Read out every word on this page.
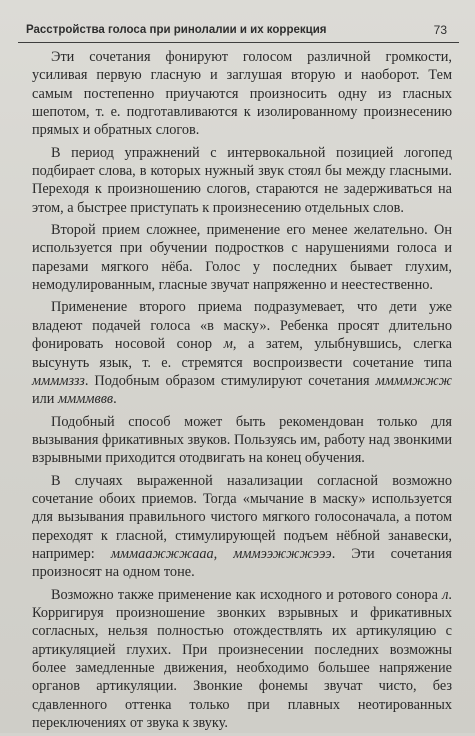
Расстройства голоса при ринолалии и их коррекция	73

Эти сочетания фонируют голосом различной громкости, усиливая первую гласную и заглушая вторую и наоборот. Тем самым постепенно приучаются произносить одну из гласных шепотом, т. е. подготавливаются к изолированному произнесению прямых и обратных слогов.

В период упражнений с интервокальной позицией логопед подбирает слова, в которых нужный звук стоял бы между гласными. Переходя к произношению слогов, стараются не задерживаться на этом, а быстрее приступать к произнесению отдельных слов.

Второй прием сложнее, применение его менее желательно. Он используется при обучении подростков с нарушениями голоса и парезами мягкого нёба. Голос у последних бывает глухим, немодулированным, гласные звучат напряженно и неестественно.

Применение второго приема подразумевает, что дети уже владеют подачей голоса «в маску». Ребенка просят длительно фонировать носовой сонор м, а затем, улыбнувшись, слегка высунуть язык, т. е. стремятся воспроизвести сочетание типа ммммззз. Подобным образом стимулируют сочетания ммммжжж или ммммввв.

Подобный способ может быть рекомендован только для вызывания фрикативных звуков. Пользуясь им, работу над звонкими взрывными приходится отодвигать на конец обучения.

В случаях выраженной назализации согласной возможно сочетание обоих приемов. Тогда «мычание в маску» используется для вызывания правильного чистого мягкого голосоначала, а потом переходят к гласной, стимулирующей подъем нёбной занавески, например: мммаажжжааа, мммээжжжэээ. Эти сочетания произносят на одном тоне.

Возможно также применение как исходного и ротового сонора л. Корригируя произношение звонких взрывных и фрикативных согласных, нельзя полностью отождествлять их артикуляцию с артикуляцией глухих. При произнесении последних возможны более замедленные движения, необходимо большее напряжение органов артикуляции. Звонкие фонемы звучат чисто, без сдавленного оттенка только при плавных неотированных переключениях от звука к звуку.
